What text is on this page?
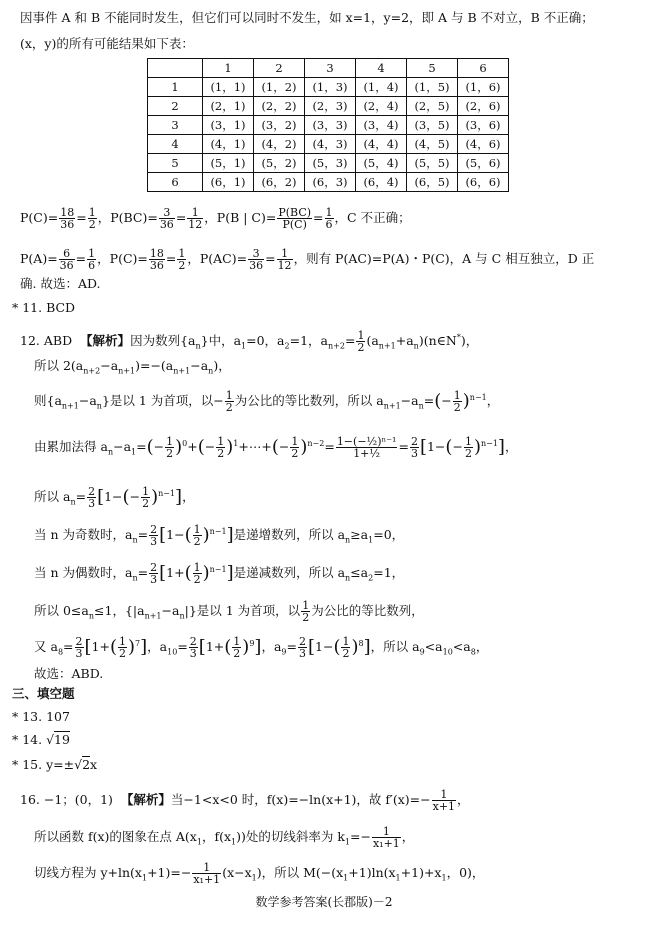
因事件 A 和 B 不能同时发生，但它们可以同时不发生，如 x=1，y=2，即 A 与 B 不对立，B 不正确；
(x，y)的所有可能结果如下表：
	1	2	3	4	5	6
1	(1，1)	(1，2)	(1，3)	(1，4)	(1，5)	(1，6)
2	(2，1)	(2，2)	(2，3)	(2，4)	(2，5)	(2，6)
3	(3，1)	(3，2)	(3，3)	(3，4)	(3，5)	(3，6)
4	(4，1)	(4，2)	(4，3)	(4，4)	(4，5)	(4，6)
5	(5，1)	(5，2)	(5，3)	(5，4)	(5，5)	(5，6)
6	(6，1)	(6，2)	(6，3)	(6，4)	(6，5)	(6，6)
$P(C)= \frac{18}{36} = \frac{1}{2}$ ，$P(BC)= \frac{3}{36} = \frac{1}{12}$ ，P(B | $C)= \frac{P(BC)}{P(C)} = \frac{1}{6}$ ，C 不正确；
$P(A)= \frac{6}{36} = \frac{1}{6}$ ，$P(C)= \frac{18}{36} = \frac{1}{2}$ ，$P(AC)= \frac{3}{36} = \frac{1}{12}$ ，则有 P(AC)=P(A)・P(C)，A 与 C 相互独立，D 正
确. 故选：AD.
* 11. BCD
12. ABD 【解析】因为数列$\{a_n\}$中，$a_1=0$，$a_2=1$，$a_{n+2}= \frac{1}{2}$ $(a_{n+1}+a_n)(n\in N^*)$，
所以 $2(a_{n+2}-a_{n+1})=-(a_{n+1}-a_n)$，
则$\{a_{n+1}-a_n\}$是以 1 为首项，以− $\frac{1}{2}$ 为公比的等比数列，所以 $a_{n+1}-a_n=(- \frac{1}{2} )^{n-1}$，
由累加法得 $a_n-a_1=(- \frac{1}{2} )^0+(- \frac{1}{2}$ )$^1+\cdots+(- \frac{1}{2} )^{n-2}= \frac{\text{1−(−½)ⁿ⁻¹}}{\text{1+½}} = \frac{2}{3} [1-(- \frac{1}{2} )^{n-1}]$，
所以 $a_n= \frac{2}{3} [1-(- \frac{1}{2} )^{n-1}]$，
当 n 为奇数时，$a_n= \frac{2}{3} [1-( \frac{1}{2} )^{n-1}]$是递增数列，所以 $a_n\ge a_1=0$，
当 n 为偶数时，$a_n= \frac{2}{3} [1+( \frac{1}{2} )^{n-1}]$是递减数列，所以 $a_n\le a_2=1$，
所以 $0\le a_n\le 1$，$\{|a_{n+1}-a_n|\}$是以 1 为首项，以 $\frac{1}{2}$ 为公比的等比数列，
又 $a_8= \frac{2}{3} [1+( \frac{1}{2} )^7]$，$a_{10}= \frac{2}{3} [1+( \frac{1}{2} )^9]$，$a_9= \frac{2}{3} [1-( \frac{1}{2} )^8]$，所以 $a_9<a_{10}<a_8$，
故选：ABD.
三、填空题
* 13. 107
* 14. √19
* 15. y=±√2x
16. −1；(0，1) 【解析】当−1<x<0 时，f(x)=−ln(x+1)，故 $f'(x)=- \frac{1}{x+1}$ ，
所以函数 f(x)的图象在点 $A(x_1$，$f(x_1)$)处的切线斜率为 $k_1=- \frac{1}{\text{x₁+1}}$ ，
切线方程为 $y+\ln(x_1+1)=- \frac{1}{\text{x₁+1}} (x-x_1)$，所以 $M(-(x_1+1)\ln(x_1+1)+x_1$，0)，
数学参考答案(长郡版)－2
